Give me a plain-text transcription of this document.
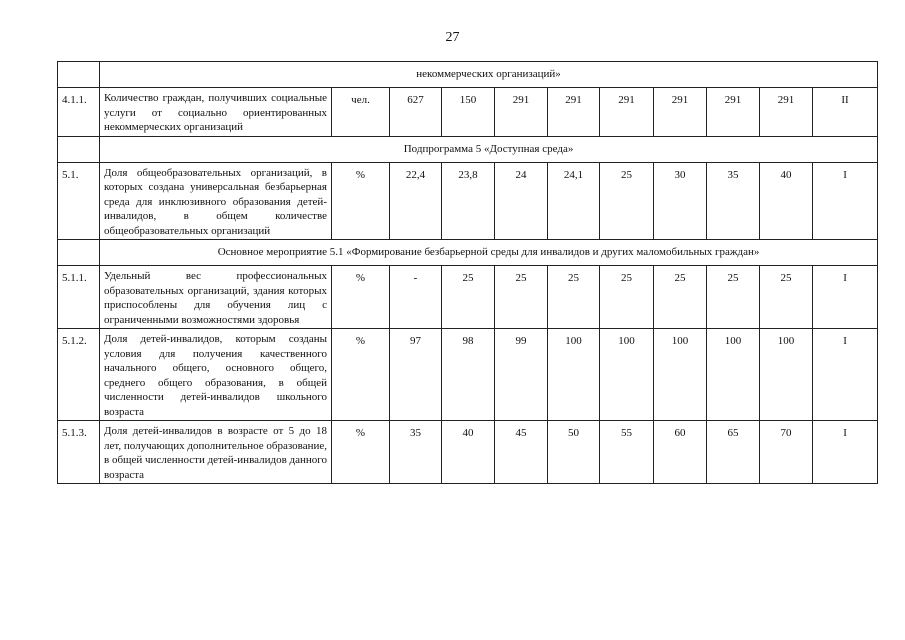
27
	некоммерческих организаций»										
4.1.1.	Количество граждан, получивших социальные услуги от социально ориентированных некоммерческих организаций	чел.	627	150	291	291	291	291	291	291	II
	Подпрограмма 5 «Доступная среда»										
5.1.	Доля общеобразовательных организаций, в которых создана универсальная безбарьерная среда для инклюзивного образования детей-инвалидов, в общем количестве общеобразовательных организаций	%	22,4	23,8	24	24,1	25	30	35	40	I
	Основное мероприятие 5.1 «Формирование безбарьерной среды для инвалидов и других маломобильных граждан»										
5.1.1.	Удельный вес профессиональных образовательных организаций, здания которых приспособлены для обучения лиц с ограниченными возможностями здоровья	%	-	25	25	25	25	25	25	25	I
5.1.2.	Доля детей-инвалидов, которым созданы условия для получения качественного начального общего, основного общего, среднего общего образования, в общей численности детей-инвалидов школьного возраста	%	97	98	99	100	100	100	100	100	I
5.1.3.	Доля детей-инвалидов в возрасте от 5 до 18 лет, получающих дополнительное образование, в общей численности детей-инвалидов данного возраста	%	35	40	45	50	55	60	65	70	I
